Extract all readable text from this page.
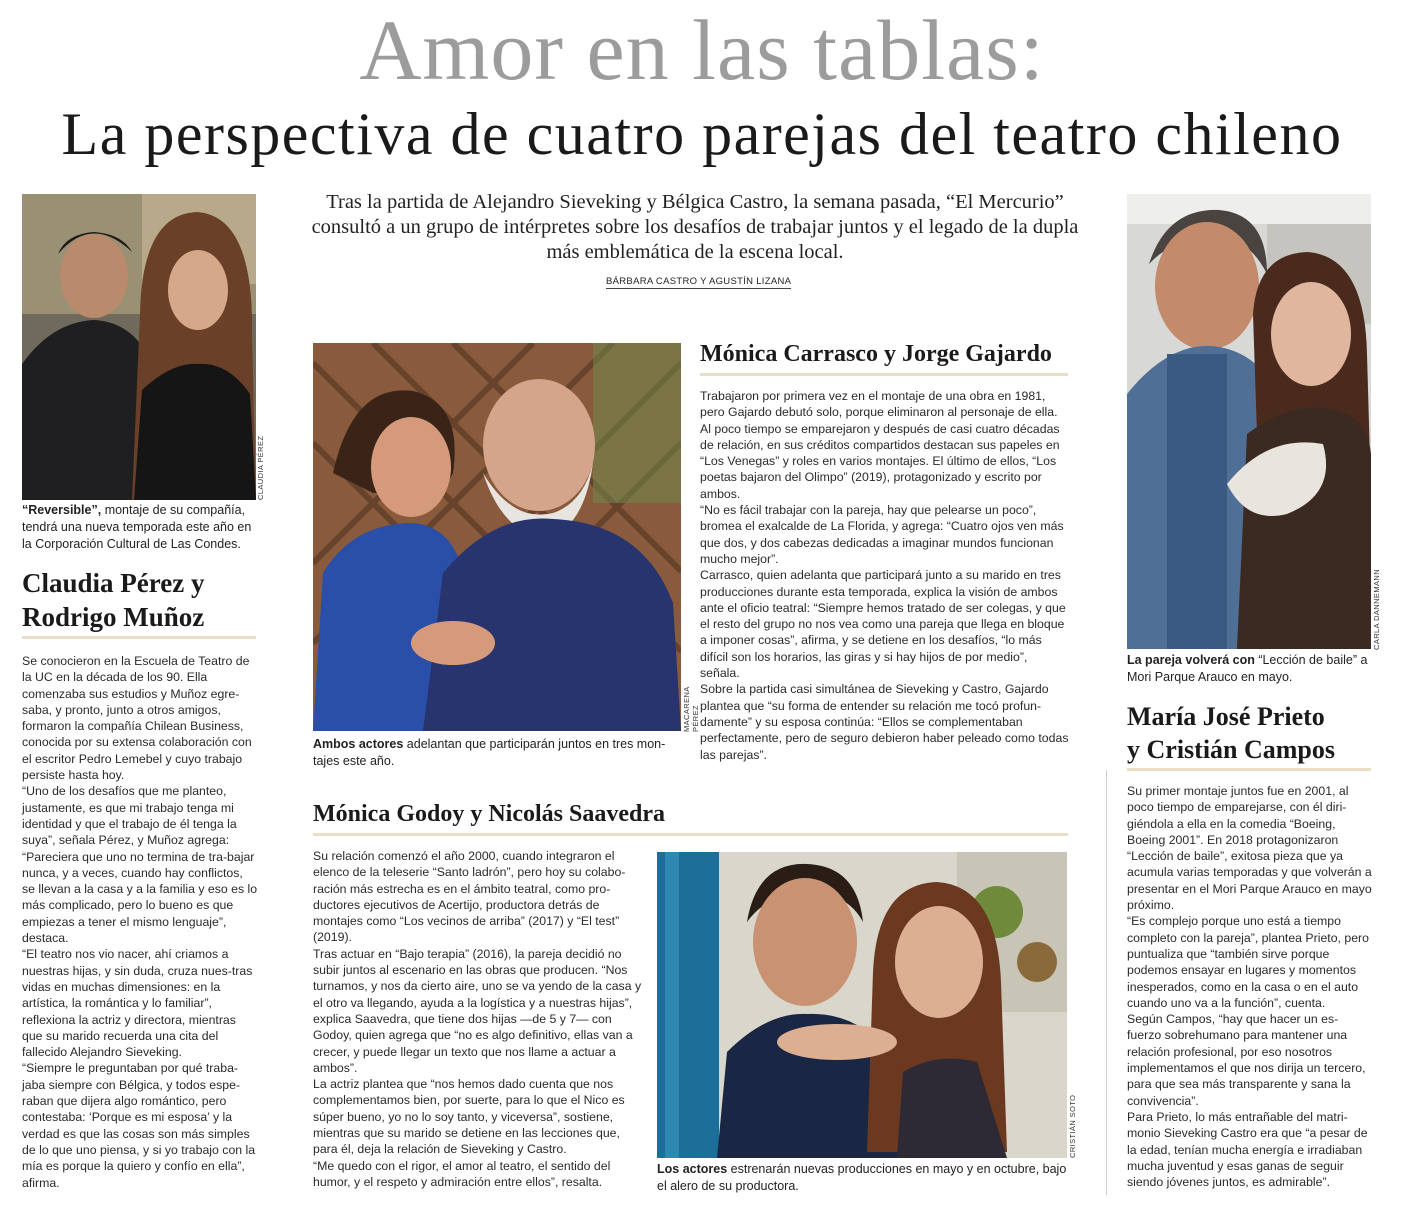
Amor en las tablas:
La perspectiva de cuatro parejas del teatro chileno
Tras la partida de Alejandro Sieveking y Bélgica Castro, la semana pasada, “El Mercurio” consultó a un grupo de intérpretes sobre los desafíos de trabajar juntos y el legado de la dupla más emblemática de la escena local.
BÁRBARA CASTRO Y AGUSTÍN LIZANA
CLAUDIA PÉREZ
“Reversible”, montaje de su compañía, tendrá una nueva temporada este año en la Corporación Cultural de Las Condes.
Claudia Pérez y
Rodrigo Muñoz

Se conocieron en la Escuela de Teatro de la UC en la década de los 90. Ella comenzaba sus estudios y Muñoz egre-saba, y pronto, junto a otros amigos, formaron la compañía Chilean Business, conocida por su extensa colaboración con el escritor Pedro Lemebel y cuyo trabajo persiste hasta hoy.

“Uno de los desafíos que me planteo, justamente, es que mi trabajo tenga mi identidad y que el trabajo de él tenga la suya”, señala Pérez, y Muñoz agrega: “Pareciera que uno no termina de tra-bajar nunca, y a veces, cuando hay conflictos, se llevan a la casa y a la familia y eso es lo más complicado, pero lo bueno es que empiezas a tener el mismo lenguaje”, destaca.

“El teatro nos vio nacer, ahí criamos a nuestras hijas, y sin duda, cruza nues-tras vidas en muchas dimensiones: en la artística, la romántica y lo familiar”, reflexiona la actriz y directora, mientras que su marido recuerda una cita del fallecido Alejandro Sieveking.

“Siempre le preguntaban por qué traba-jaba siempre con Bélgica, y todos espe-raban que dijera algo romántico, pero contestaba: ‘Porque es mi esposa’ y la verdad es que las cosas son más simples de lo que uno piensa, y si yo trabajo con la mía es porque la quiero y confío en ella”, afirma.

MACARENA PÉREZ
Ambos actores adelantan que participarán juntos en tres mon-tajes este año.
Mónica Carrasco y Jorge Gajardo

Trabajaron por primera vez en el montaje de una obra en 1981, pero Gajardo debutó solo, porque eliminaron al personaje de ella. Al poco tiempo se emparejaron y después de casi cuatro décadas de relación, en sus créditos compartidos destacan sus papeles en “Los Venegas” y roles en varios montajes. El último de ellos, “Los poetas bajaron del Olimpo” (2019), protagonizado y escrito por ambos.

“No es fácil trabajar con la pareja, hay que pelearse un poco”, bromea el exalcalde de La Florida, y agrega: “Cuatro ojos ven más que dos, y dos cabezas dedicadas a imaginar mundos funcionan mucho mejor”.

Carrasco, quien adelanta que participará junto a su marido en tres producciones durante esta temporada, explica la visión de ambos ante el oficio teatral: “Siempre hemos tratado de ser colegas, y que el resto del grupo no nos vea como una pareja que llega en bloque a imponer cosas”, afirma, y se detiene en los desafíos, “lo más difícil son los horarios, las giras y si hay hijos de por medio”, señala.

Sobre la partida casi simultánea de Sieveking y Castro, Gajardo plantea que “su forma de entender su relación me tocó profun-damente” y su esposa continúa: “Ellos se complementaban perfectamente, pero de seguro debieron haber peleado como todas las parejas”.

Mónica Godoy y Nicolás Saavedra

Su relación comenzó el año 2000, cuando integraron el elenco de la teleserie “Santo ladrón”, pero hoy su colabo-ración más estrecha es en el ámbito teatral, como pro-ductores ejecutivos de Acertijo, productora detrás de montajes como “Los vecinos de arriba” (2017) y “El test” (2019).

Tras actuar en “Bajo terapia” (2016), la pareja decidió no subir juntos al escenario en las obras que producen. “Nos turnamos, y nos da cierto aire, uno se va yendo de la casa y el otro va llegando, ayuda a la logística y a nuestras hijas”, explica Saavedra, que tiene dos hijas —de 5 y 7— con Godoy, quien agrega que “no es algo definitivo, ellas van a crecer, y puede llegar un texto que nos llame a actuar a ambos”.

La actriz plantea que “nos hemos dado cuenta que nos complementamos bien, por suerte, para lo que el Nico es súper bueno, yo no lo soy tanto, y viceversa”, sostiene, mientras que su marido se detiene en las lecciones que, para él, deja la relación de Sieveking y Castro.

“Me quedo con el rigor, el amor al teatro, el sentido del humor, y el respeto y admiración entre ellos”, resalta.

CRISTIÁN SOTO
Los actores estrenarán nuevas producciones en mayo y en octubre, bajo el alero de su productora.
CARLA DANNEMANN
La pareja volverá con “Lección de baile” a Mori Parque Arauco en mayo.
María José Prieto
y Cristián Campos

Su primer montaje juntos fue en 2001, al poco tiempo de emparejarse, con él diri-giéndola a ella en la comedia “Boeing, Boeing 2001”. En 2018 protagonizaron “Lección de baile”, exitosa pieza que ya acumula varias temporadas y que volverán a presentar en el Mori Parque Arauco en mayo próximo.

“Es complejo porque uno está a tiempo completo con la pareja”, plantea Prieto, pero puntualiza que “también sirve porque podemos ensayar en lugares y momentos inesperados, como en la casa o en el auto cuando uno va a la función”, cuenta.

Según Campos, “hay que hacer un es-fuerzo sobrehumano para mantener una relación profesional, por eso nosotros implementamos el que nos dirija un tercero, para que sea más transparente y sana la convivencia”.

Para Prieto, lo más entrañable del matri-monio Sieveking Castro era que “a pesar de la edad, tenían mucha energía e irradiaban mucha juventud y esas ganas de seguir siendo jóvenes juntos, es admirable”.
